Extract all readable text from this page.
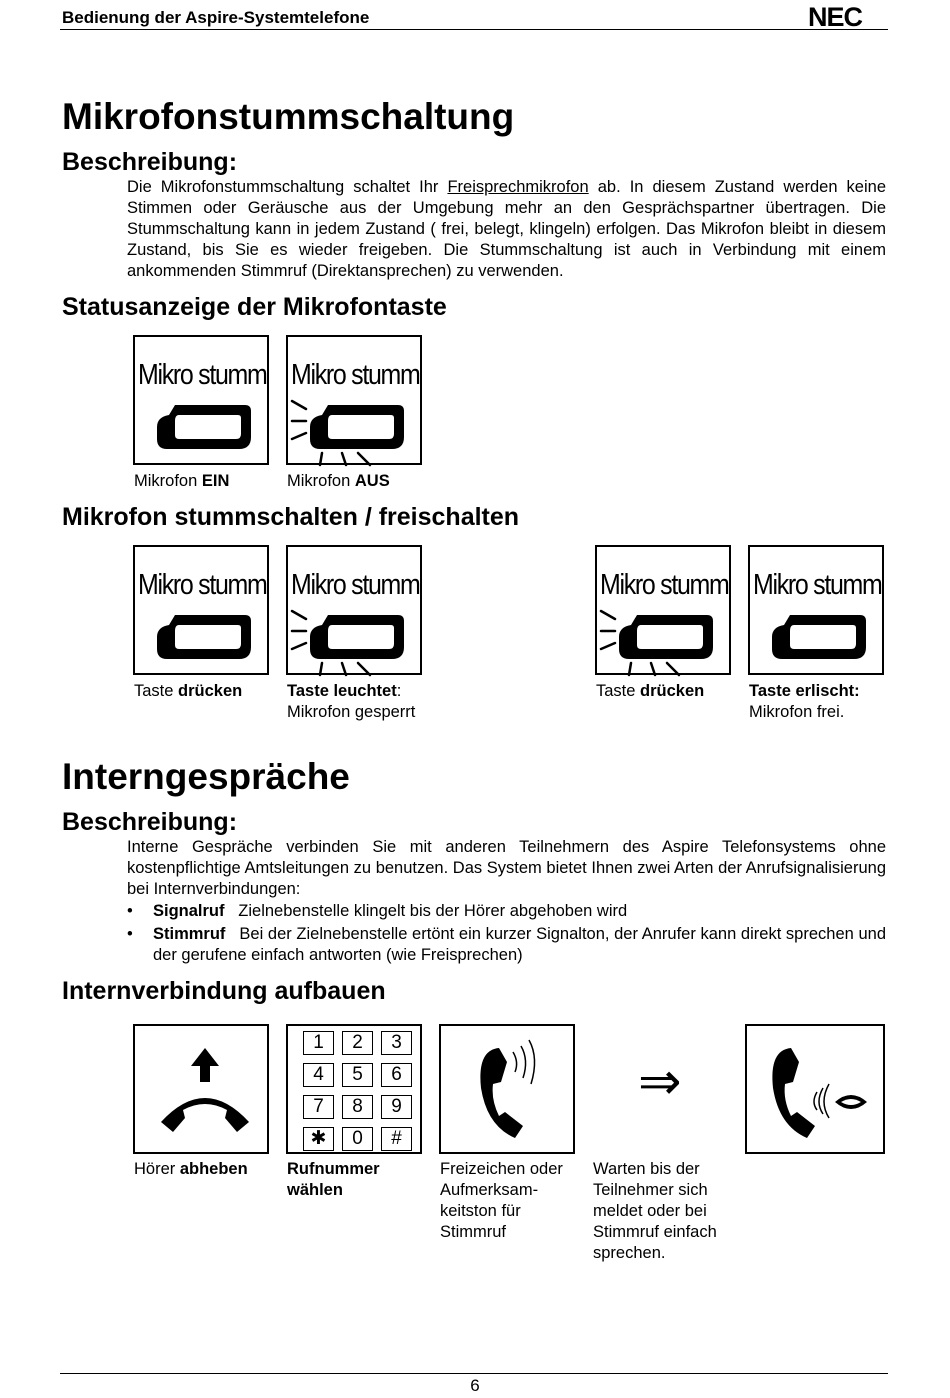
Bedienung der Aspire-Systemtelefone	NEC
Mikrofonstummschaltung
Beschreibung:
Die Mikrofonstummschaltung schaltet Ihr Freisprechmikrofon ab. In diesem Zustand werden keine Stimmen oder Geräusche aus der Umgebung mehr an den Gesprächspartner übertragen. Die Stummschaltung kann in jedem Zustand ( frei, belegt, klingeln) erfolgen. Das Mikrofon bleibt in diesem Zustand, bis Sie es wieder freigeben. Die Stummschaltung ist auch in Verbindung mit einem ankommenden Stimmruf (Direktansprechen) zu verwenden.
Statusanzeige der Mikrofontaste
Mikro stumm Mikro stumm
Mikrofon EIN	Mikrofon AUS
Mikrofon stummschalten / freischalten
Mikro stumm Mikro stumm	Mikro stumm Mikro stumm
Taste drücken	Taste leuchtet:
Mikrofon gesperrt
Taste drücken	Taste erlischt:
Mikrofon frei.
Interngespräche
Beschreibung:
Interne Gespräche verbinden Sie mit anderen Teilnehmern des Aspire Telefonsystems ohne kostenpflichtige Amtsleitungen zu benutzen. Das System bietet Ihnen zwei Arten der Anrufsignalisierung bei Internverbindungen:
• Signalruf Zielnebenstelle klingelt bis der Hörer abgehoben wird
• Stimmruf Bei der Zielnebenstelle ertönt ein kurzer Signalton, der Anrufer kann direkt sprechen und der gerufene einfach antworten (wie Freisprechen)
Internverbindung aufbauen
1	2	3
4	5	6
7	8	9
✱	0	#
⇒
Hörer abheben Rufnummer wählen
Freizeichen oder Aufmerksam-keitston für Stimmruf
Warten bis der Teilnehmer sich meldet oder bei Stimmruf einfach sprechen.
6
